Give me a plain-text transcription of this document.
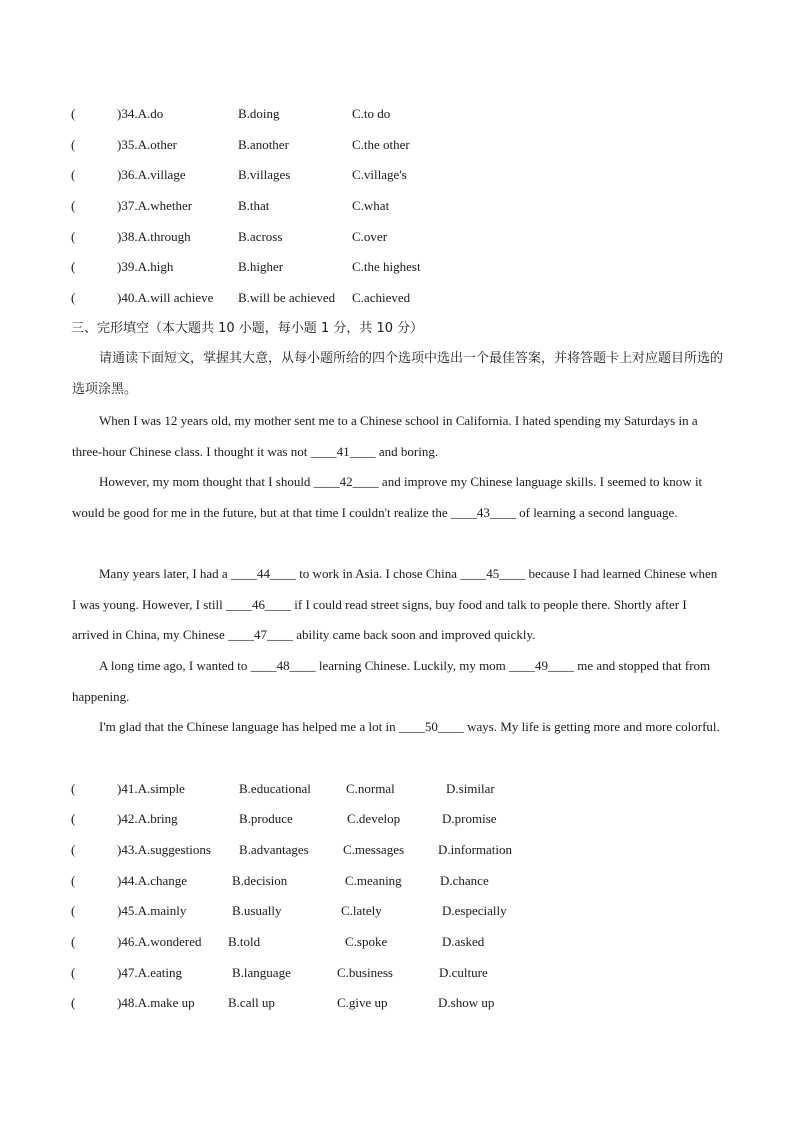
(	)34.A.do	B.doing	C.to do
(	)35.A.other	B.another	C.the other
(	)36.A.village	B.villages	C.village's
(	)37.A.whether	B.that	C.what
(	)38.A.through	B.across	C.over
(	)39.A.high	B.higher	C.the highest
(	)40.A.will achieve B.will be achieved C.achieved
三、完形填空（本大题共 10 小题，每小题 1 分，共 10 分）
请通读下面短文，掌握其大意，从每小题所给的四个选项中选出一个最佳答案，并将答题卡上对应题目所选的选项涂黑。
When I was 12 years old, my mother sent me to a Chinese school in California. I hated spending my Saturdays in a three-hour Chinese class. I thought it was not ____41____ and boring.
However, my mom thought that I should ____42____ and improve my Chinese language skills. I seemed to know it would be good for me in the future, but at that time I couldn't realize the ____43____ of learning a second language.
Many years later, I had a ____44____ to work in Asia. I chose China ____45____ because I had learned Chinese when I was young. However, I still ____46____ if I could read street signs, buy food and talk to people there. Shortly after I arrived in China, my Chinese ____47____ ability came back soon and improved quickly.
A long time ago, I wanted to ____48____ learning Chinese. Luckily, my mom ____49____ me and stopped that from happening.
I'm glad that the Chinese language has helped me a lot in ____50____ ways. My life is getting more and more colorful.
(	)41.A.simple	B.educational	C.normal	D.similar
(	)42.A.bring	B.produce	C.develop	D.promise
(	)43.A.suggestions B.advantages	C.messages	D.information
(	)44.A.change	B.decision	C.meaning	D.chance
(	)45.A.mainly	B.usually	C.lately	D.especially
(	)46.A.wondered B.told	C.spoke	D.asked
(	)47.A.eating	B.language	C.business	D.culture
(	)48.A.make up	B.call up	C.give up	D.show up
